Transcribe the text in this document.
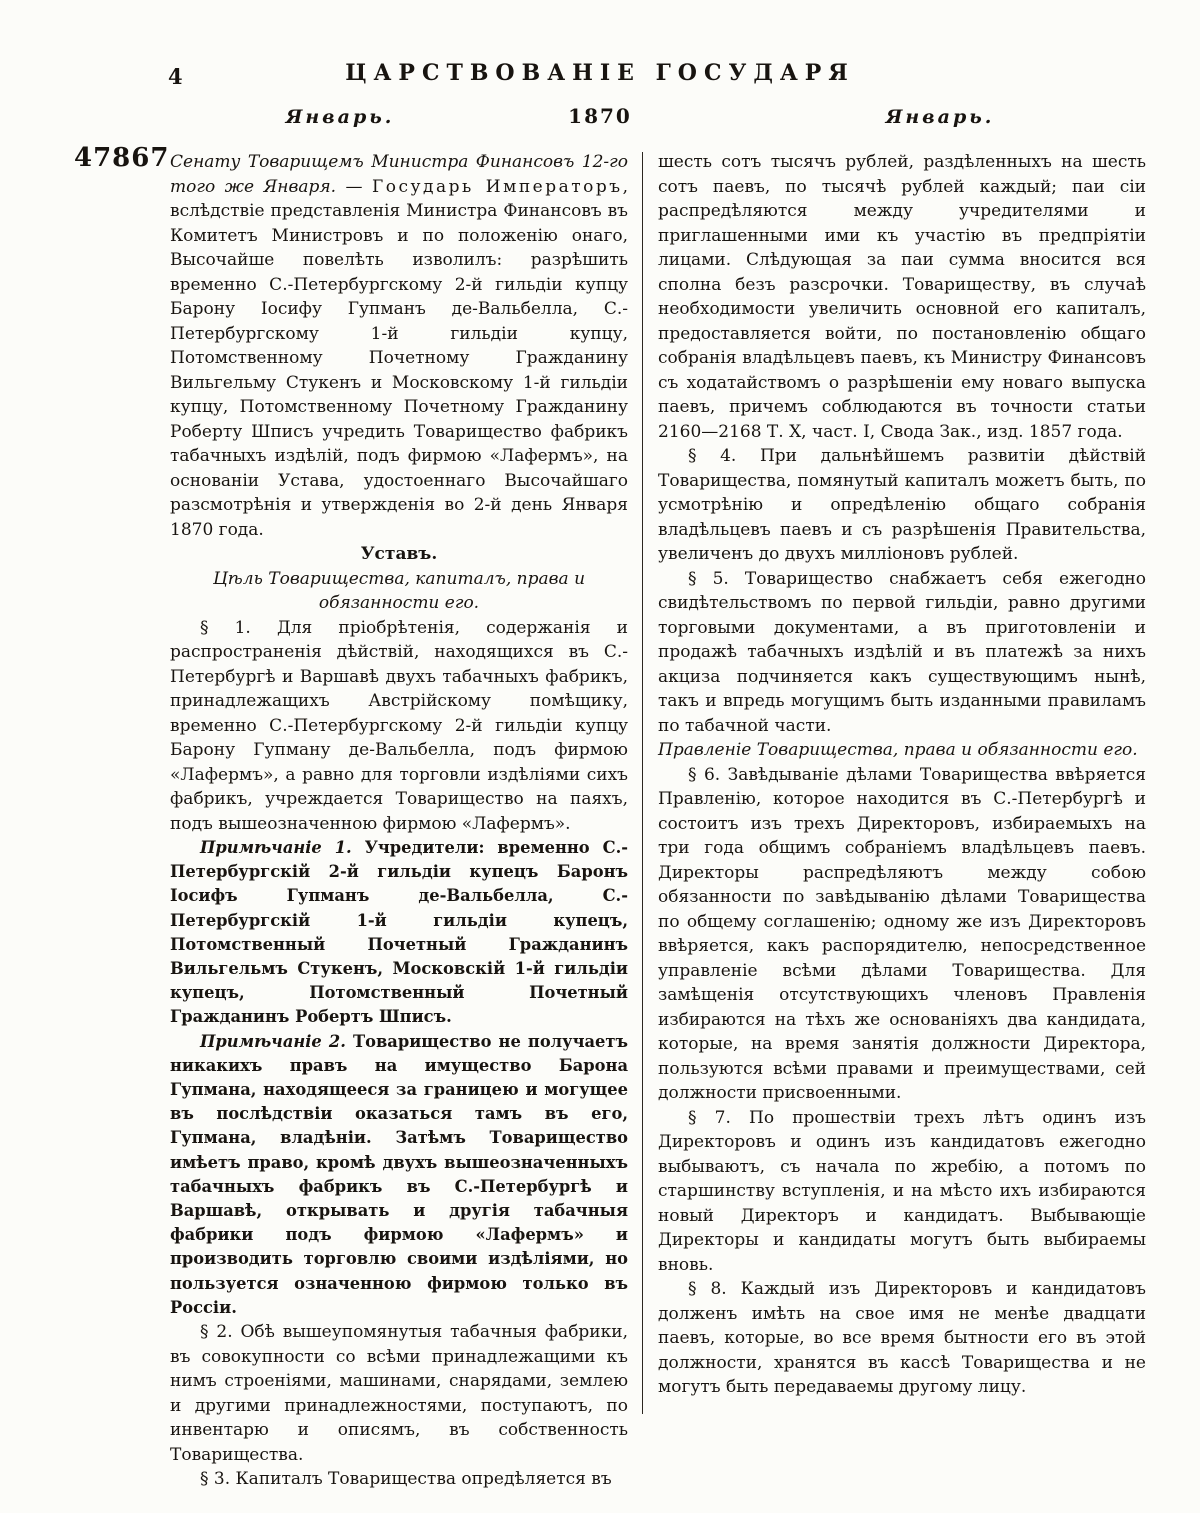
4	ЦАРСТВОВАНІЕ ГОСУДАРЯ
Январь.	1870	Январь.

47867 Сенату Товарищемъ Министра Финансовъ 12-го того же Января. — Государь Императоръ, вслѣдствіе представленія Министра Финансовъ въ Комитетъ Министровъ и по положенію онаго, Высочайше повелѣть изволилъ: разрѣшить временно С.-Петербургскому 2-й гильдіи купцу Барону Іосифу Гупманъ де-Вальбелла, С.-Петербургскому 1-й гильдіи купцу, Потомственному Почетному Гражданину Вильгельму Стукенъ и Московскому 1-й гильдіи купцу, Потомственному Почетному Гражданину Роберту Шписъ учредить Товарищество фабрикъ табачныхъ издѣлій, подъ фирмою «Лафермъ», на основаніи Устава, удостоеннаго Высочайшаго разсмотрѣнія и утвержденія во 2-й день Января 1870 года.

Уставъ.

Цѣль Товарищества, капиталъ, права и обязанности его.

§ 1. Для пріобрѣтенія, содержанія и распространенія дѣйствій, находящихся въ С.-Петербургѣ и Варшавѣ двухъ табачныхъ фабрикъ, принадлежащихъ Австрійскому помѣщику, временно С.-Петербургскому 2-й гильдіи купцу Барону Гупману де-Вальбелла, подъ фирмою «Лафермъ», а равно для торговли издѣліями сихъ фабрикъ, учреждается Товарищество на паяхъ, подъ вышеозначенною фирмою «Лафермъ».

Примѣчаніе 1. Учредители: временно С.-Петербургскій 2-й гильдіи купецъ Баронъ Іосифъ Гупманъ де-Вальбелла, С.-Петербургскій 1-й гильдіи купецъ, Потомственный Почетный Гражданинъ Вильгельмъ Стукенъ, Московскій 1-й гильдіи купецъ, Потомственный Почетный Гражданинъ Робертъ Шписъ.

Примѣчаніе 2. Товарищество не получаетъ никакихъ правъ на имущество Барона Гупмана, находящееся за границею и могущее въ послѣдствіи оказаться тамъ въ его, Гупмана, владѣніи. Затѣмъ Товарищество имѣетъ право, кромѣ двухъ вышеозначенныхъ табачныхъ фабрикъ въ С.-Петербургѣ и Варшавѣ, открывать и другія табачныя фабрики подъ фирмою «Лафермъ» и производить торговлю своими издѣліями, но пользуется означенною фирмою только въ Россіи.

§ 2. Обѣ вышеупомянутыя табачныя фабрики, въ совокупности со всѣми принадлежащими къ нимъ строеніями, машинами, снарядами, землею и другими принадлежностями, поступаютъ, по инвентарю и описямъ, въ собственность Товарищества.

§ 3. Капиталъ Товарищества опредѣляется въ

шесть сотъ тысячъ рублей, раздѣленныхъ на шесть сотъ паевъ, по тысячѣ рублей каждый; паи сіи распредѣляются между учредителями и приглашенными ими къ участію въ предпріятіи лицами. Слѣдующая за паи сумма вносится вся сполна безъ разсрочки. Товариществу, въ случаѣ необходимости увеличить основной его капиталъ, предоставляется войти, по постановленію общаго собранія владѣльцевъ паевъ, къ Министру Финансовъ съ ходатайствомъ о разрѣшеніи ему новаго выпуска паевъ, причемъ соблюдаются въ точности статьи 2160—2168 Т. X, част. I, Свода Зак., изд. 1857 года.

§ 4. При дальнѣйшемъ развитіи дѣйствій Товарищества, помянутый капиталъ можетъ быть, по усмотрѣнію и опредѣленію общаго собранія владѣльцевъ паевъ и съ разрѣшенія Правительства, увеличенъ до двухъ милліоновъ рублей.

§ 5. Товарищество снабжаетъ себя ежегодно свидѣтельствомъ по первой гильдіи, равно другими торговыми документами, а въ приготовленіи и продажѣ табачныхъ издѣлій и въ платежѣ за нихъ акциза подчиняется какъ существующимъ нынѣ, такъ и впредь могущимъ быть изданными правиламъ по табачной части.

Правленіе Товарищества, права и обязанности его.

§ 6. Завѣдываніе дѣлами Товарищества ввѣряется Правленію, которое находится въ С.-Петербургѣ и состоитъ изъ трехъ Директоровъ, избираемыхъ на три года общимъ собраніемъ владѣльцевъ паевъ. Директоры распредѣляютъ между собою обязанности по завѣдыванію дѣлами Товарищества по общему соглашенію; одному же изъ Директоровъ ввѣряется, какъ распорядителю, непосредственное управленіе всѣми дѣлами Товарищества. Для замѣщенія отсутствующихъ членовъ Правленія избираются на тѣхъ же основаніяхъ два кандидата, которые, на время занятія должности Директора, пользуются всѣми правами и преимуществами, сей должности присвоенными.

§ 7. По прошествіи трехъ лѣтъ одинъ изъ Директоровъ и одинъ изъ кандидатовъ ежегодно выбываютъ, съ начала по жребію, а потомъ по старшинству вступленія, и на мѣсто ихъ избираются новый Директоръ и кандидатъ. Выбывающіе Директоры и кандидаты могутъ быть выбираемы вновь.

§ 8. Каждый изъ Директоровъ и кандидатовъ долженъ имѣть на свое имя не менѣе двадцати паевъ, которые, во все время бытности его въ этой должности, хранятся въ кассѣ Товарищества и не могутъ быть передаваемы другому лицу.
